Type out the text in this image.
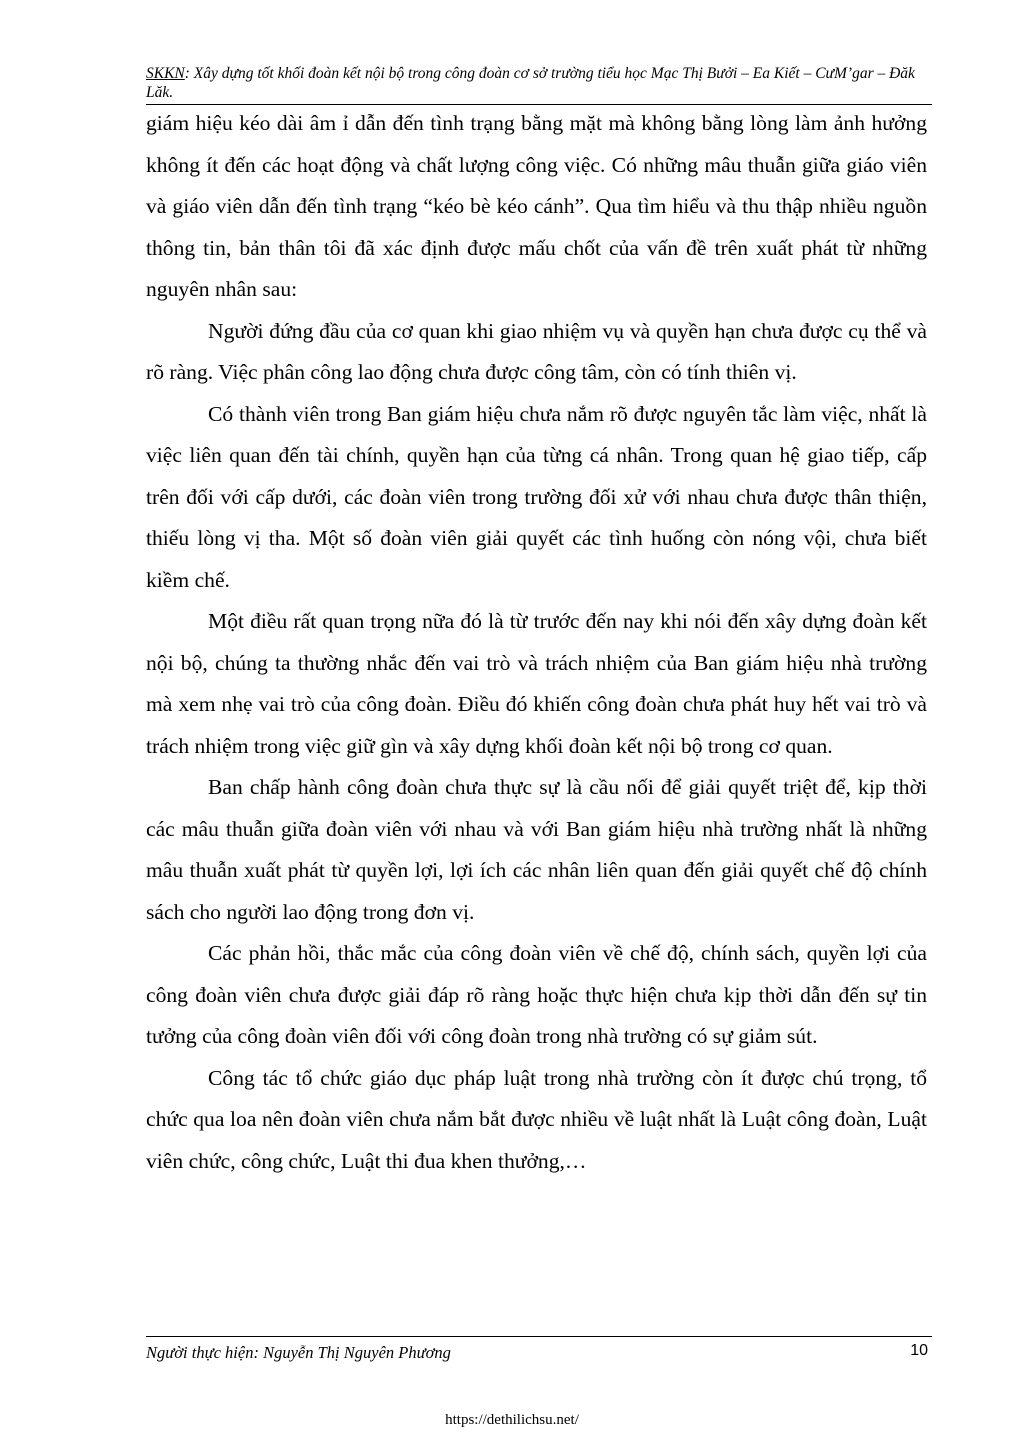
SKKN: Xây dựng tốt khối đoàn kết nội bộ trong công đoàn cơ sở trường tiểu học Mạc Thị Bưởi – Ea Kiết – CưM’gar – Đăk Lăk.

giám hiệu kéo dài âm ỉ dẫn đến tình trạng bằng mặt mà không bằng lòng làm ảnh hưởng không ít đến các hoạt động và chất lượng công việc. Có những mâu thuẫn giữa giáo viên và giáo viên dẫn đến tình trạng “kéo bè kéo cánh”. Qua tìm hiểu và thu thập nhiều nguồn thông tin, bản thân tôi đã xác định được mấu chốt của vấn đề trên xuất phát từ những nguyên nhân sau:

Người đứng đầu của cơ quan khi giao nhiệm vụ và quyền hạn chưa được cụ thể và rõ ràng. Việc phân công lao động chưa được công tâm, còn có tính thiên vị.

Có thành viên trong Ban giám hiệu chưa nắm rõ được nguyên tắc làm việc, nhất là việc liên quan đến tài chính, quyền hạn của từng cá nhân. Trong quan hệ giao tiếp, cấp trên đối với cấp dưới, các đoàn viên trong trường đối xử với nhau chưa được thân thiện, thiếu lòng vị tha. Một số đoàn viên giải quyết các tình huống còn nóng vội, chưa biết kiềm chế.

Một điều rất quan trọng nữa đó là từ trước đến nay khi nói đến xây dựng đoàn kết nội bộ, chúng ta thường nhắc đến vai trò và trách nhiệm của Ban giám hiệu nhà trường mà xem nhẹ vai trò của công đoàn. Điều đó khiến công đoàn chưa phát huy hết vai trò và trách nhiệm trong việc giữ gìn và xây dựng khối đoàn kết nội bộ trong cơ quan.

Ban chấp hành công đoàn chưa thực sự là cầu nối để giải quyết triệt để, kịp thời các mâu thuẫn giữa đoàn viên với nhau và với Ban giám hiệu nhà trường nhất là những mâu thuẫn xuất phát từ quyền lợi, lợi ích các nhân liên quan đến giải quyết chế độ chính sách cho người lao động trong đơn vị.

Các phản hồi, thắc mắc của công đoàn viên về chế độ, chính sách, quyền lợi của công đoàn viên chưa được giải đáp rõ ràng hoặc thực hiện chưa kịp thời dẫn đến sự tin tưởng của công đoàn viên đối với công đoàn trong nhà trường có sự giảm sút.

Công tác tổ chức giáo dục pháp luật trong nhà trường còn ít được chú trọng, tổ chức qua loa nên đoàn viên chưa nắm bắt được nhiều về luật nhất là Luật công đoàn, Luật viên chức, công chức, Luật thi đua khen thưởng,…

Người thực hiện: Nguyễn Thị Nguyên Phương	10
https://dethilichsu.net/
